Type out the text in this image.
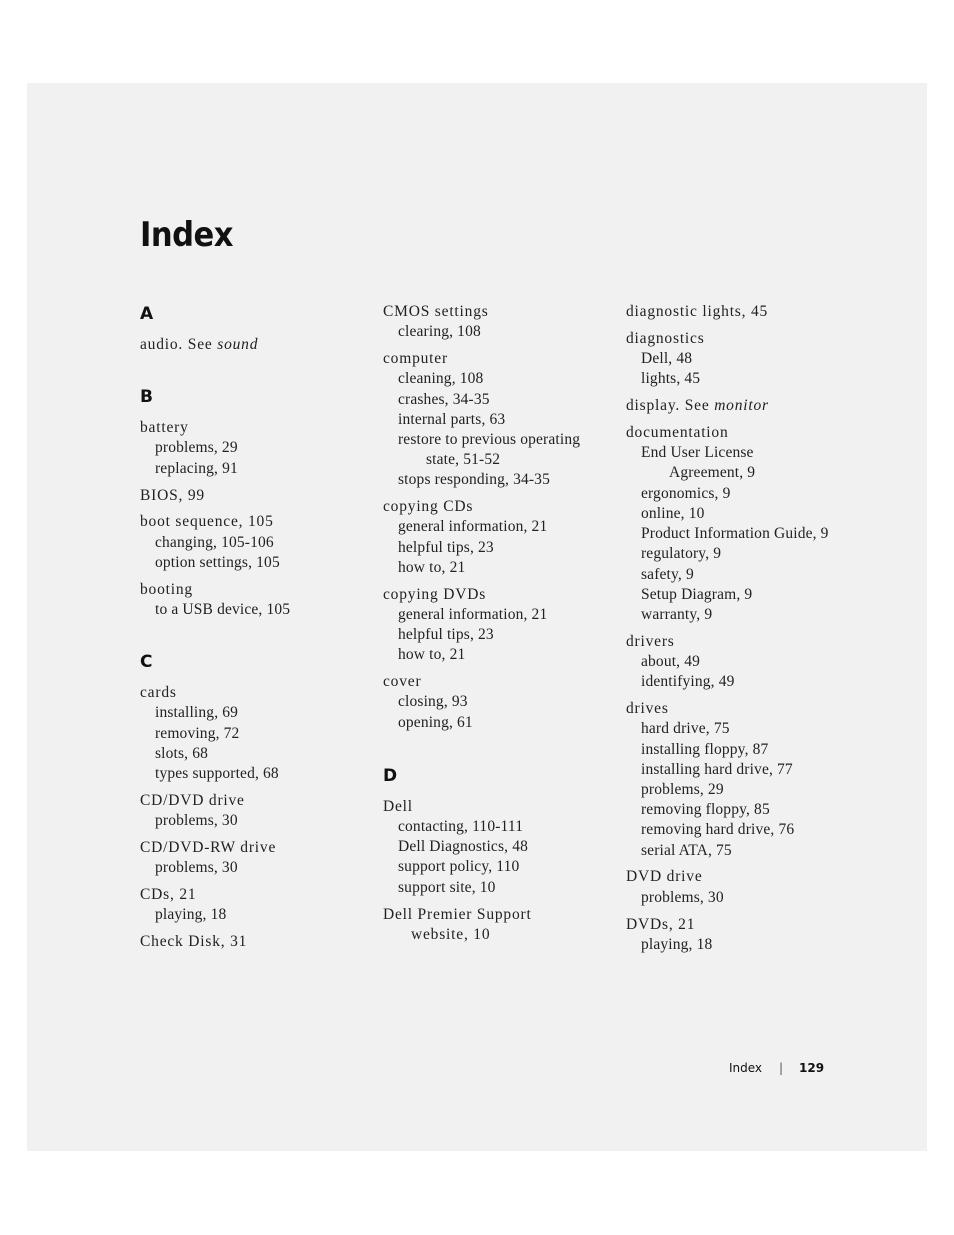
Index
A
audio. See sound
B
battery
problems, 29
replacing, 91
BIOS, 99
boot sequence, 105
changing, 105-106
option settings, 105
booting
to a USB device, 105
C
cards
installing, 69
removing, 72
slots, 68
types supported, 68
CD/DVD drive
problems, 30
CD/DVD-RW drive
problems, 30
CDs, 21
playing, 18
Check Disk, 31
CMOS settings
clearing, 108
computer
cleaning, 108
crashes, 34-35
internal parts, 63
restore to previous operating
state, 51-52
stops responding, 34-35
copying CDs
general information, 21
helpful tips, 23
how to, 21
copying DVDs
general information, 21
helpful tips, 23
how to, 21
cover
closing, 93
opening, 61
D
Dell
contacting, 110-111
Dell Diagnostics, 48
support policy, 110
support site, 10
Dell Premier Support
website, 10
diagnostic lights, 45
diagnostics
Dell, 48
lights, 45
display. See monitor
documentation
End User License
Agreement, 9
ergonomics, 9
online, 10
Product Information Guide, 9
regulatory, 9
safety, 9
Setup Diagram, 9
warranty, 9
drivers
about, 49
identifying, 49
drives
hard drive, 75
installing floppy, 87
installing hard drive, 77
problems, 29
removing floppy, 85
removing hard drive, 76
serial ATA, 75
DVD drive
problems, 30
DVDs, 21
playing, 18
Index | 129
